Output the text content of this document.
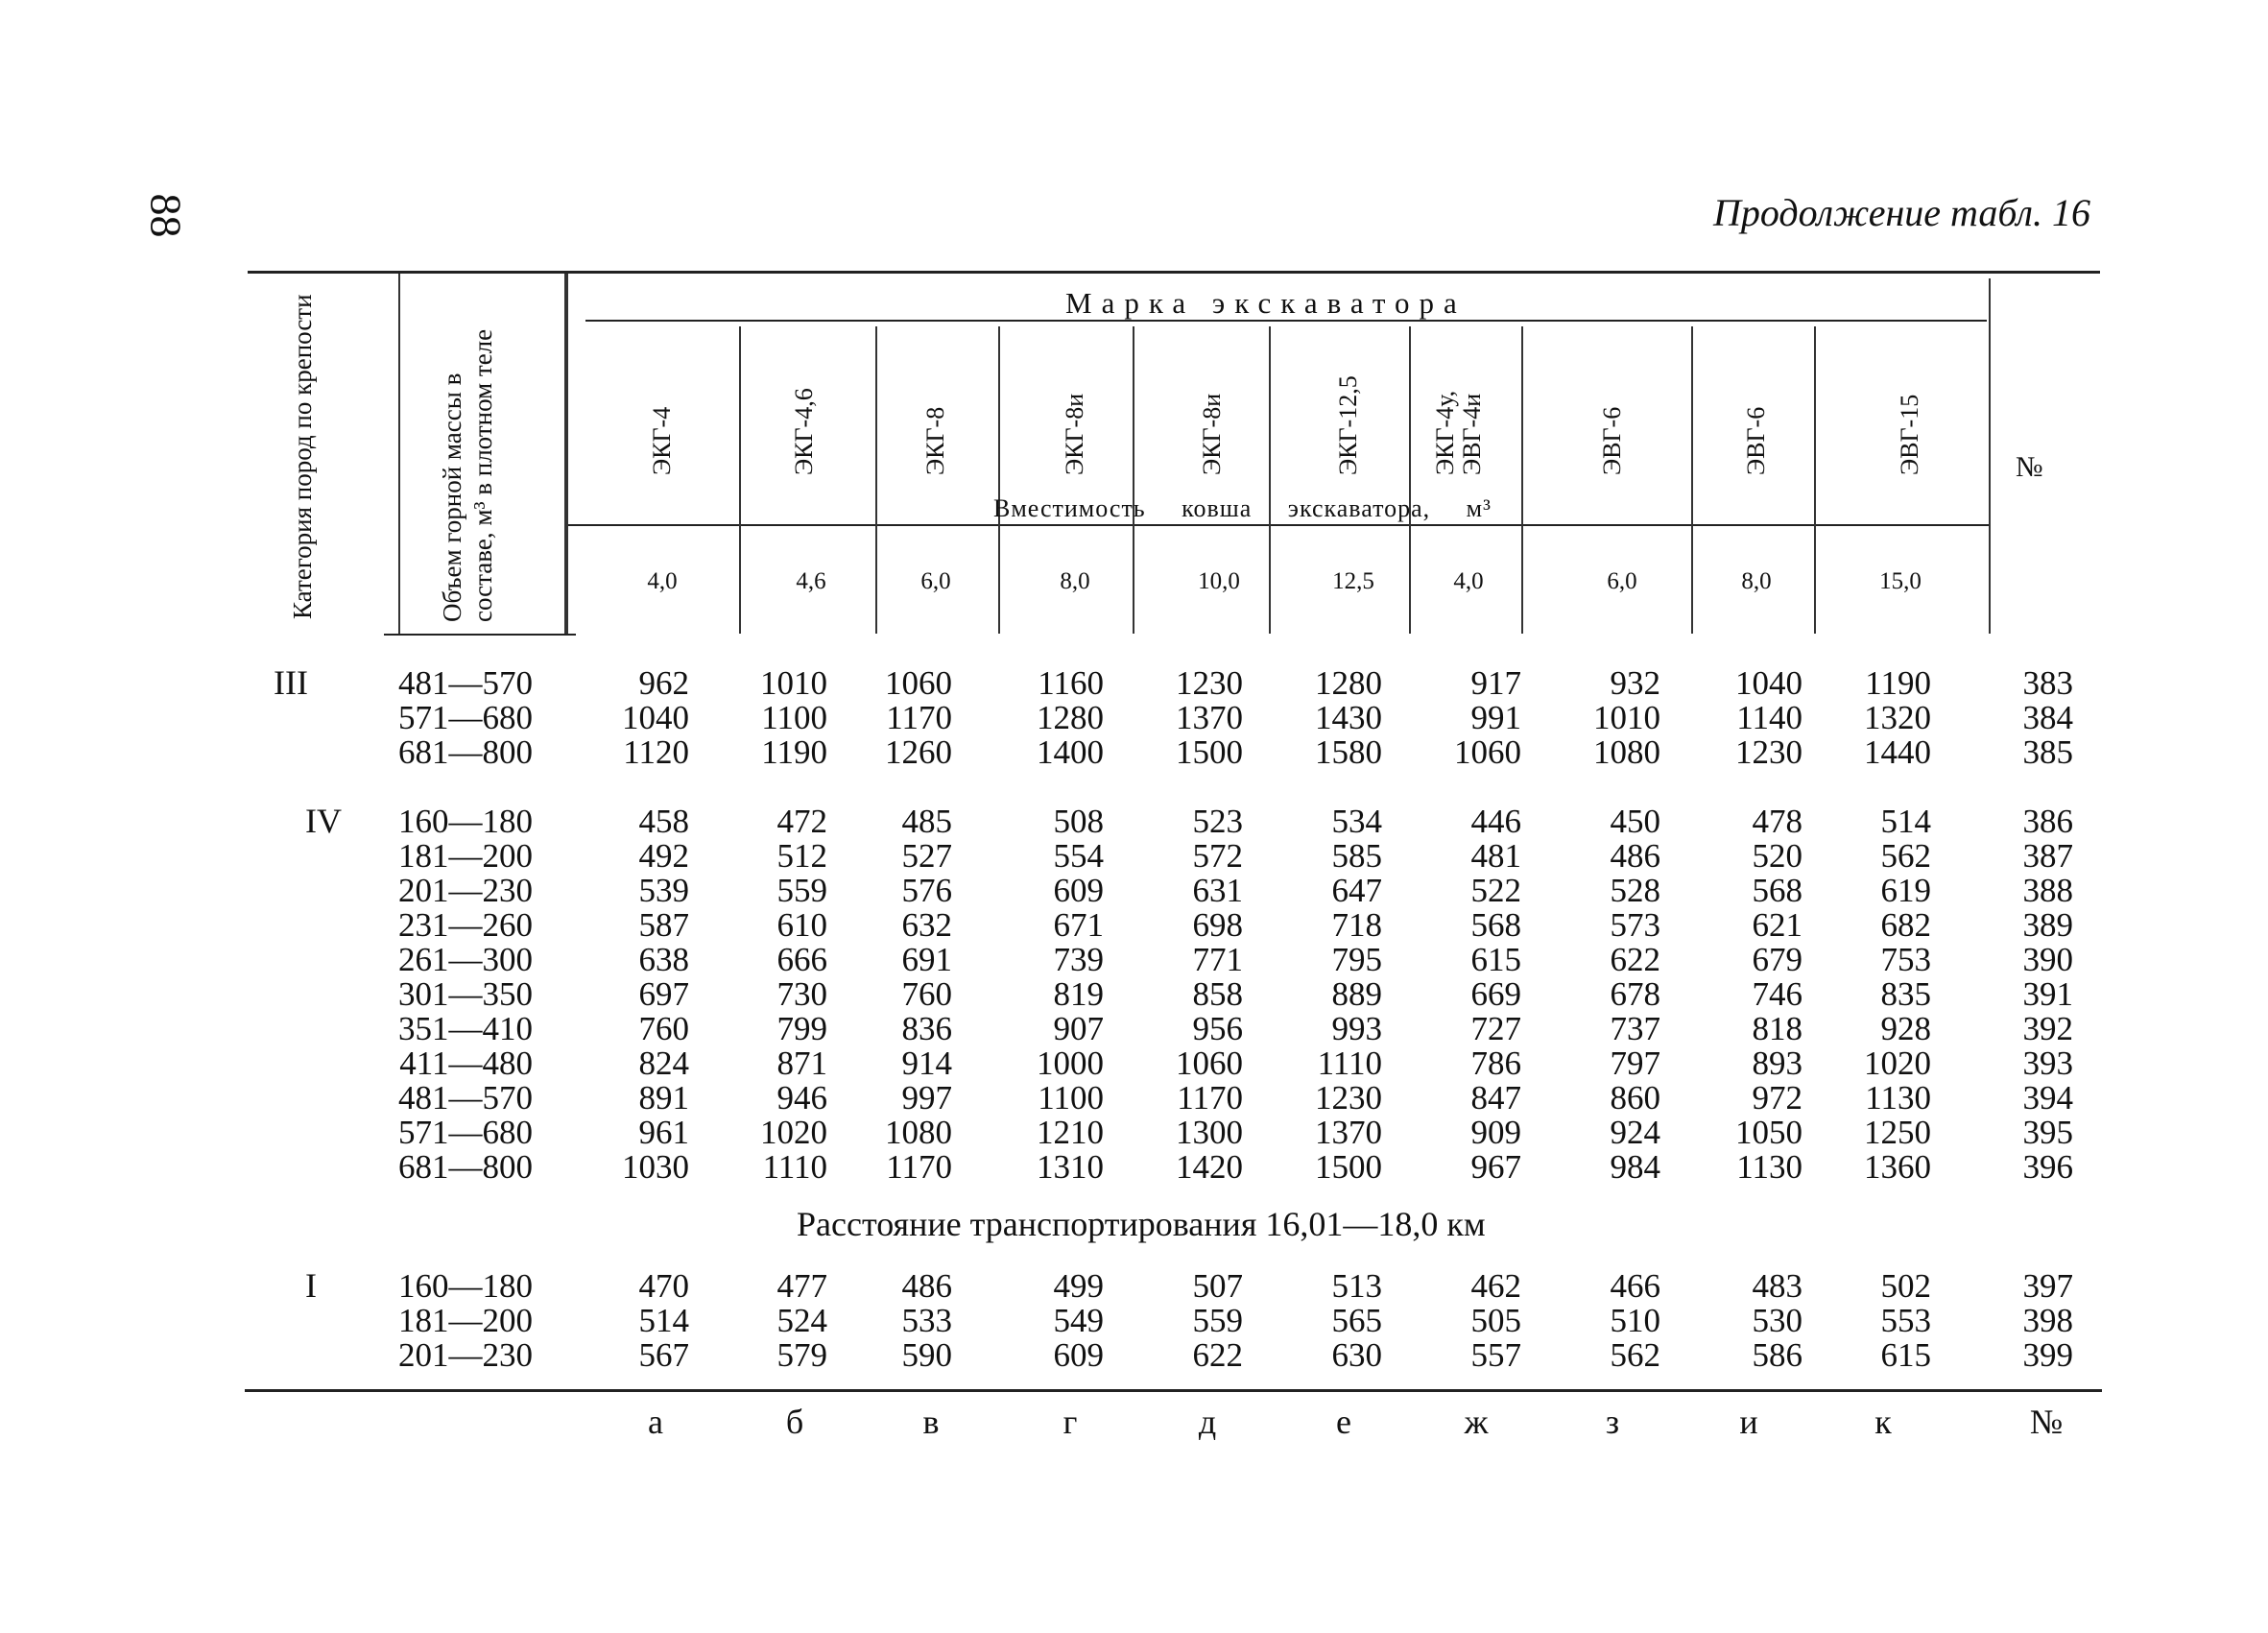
88	Продолжение табл. 16
Категория пород по крепости	Объем горной массы в составе, м³ в плотном теле
Марка экскаватора
Вместимость ковша экскаватора, м³
№
ЭКГ-4	ЭКГ-4,6	ЭКГ-8	ЭКГ-8и	ЭКГ-8и	ЭКГ-12,5	ЭКГ-4у, ЭВГ-4и	ЭВГ-6	ЭВГ-6	ЭВГ-15
4,0	4,6	6,0	8,0	10,0	12,5	4,0	6,0	8,0	15,0
III	481—570	962	1010	1060	1160	1230	1280	917	932	1040	1190	383
571—680	1040	1100	1170	1280	1370	1430	991	1010	1140	1320	384
681—800	1120	1190	1260	1400	1500	1580	1060	1080	1230	1440	385
IV 160—180	458	472	485	508	523	534	446	450	478	514	386
181—200	492	512	527	554	572	585	481	486	520	562	387
201—230	539	559	576	609	631	647	522	528	568	619	388
231—260	587	610	632	671	698	718	568	573	621	682	389
261—300	638	666	691	739	771	795	615	622	679	753	390
301—350	697	730	760	819	858	889	669	678	746	835	391
351—410	760	799	836	907	956	993	727	737	818	928	392
411—480	824	871	914	1000	1060	1110	786	797	893	1020	393
481—570	891	946	997	1100	1170	1230	847	860	972	1130	394
571—680	961	1020	1080	1210	1300	1370	909	924	1050	1250	395
681—800	1030	1110	1170	1310	1420	1500	967	984	1130	1360	396
I 160—180	470	477	486	499	507	513	462	466	483	502	397
181—200	514	524	533	549	559	565	505	510	530	553	398
201—230	567	579	590	609	622	630	557	562	586	615	399
Расстояние транспортирования 16,01—18,0 км
а	б	в	г	д	е	ж	з	и	к	№
